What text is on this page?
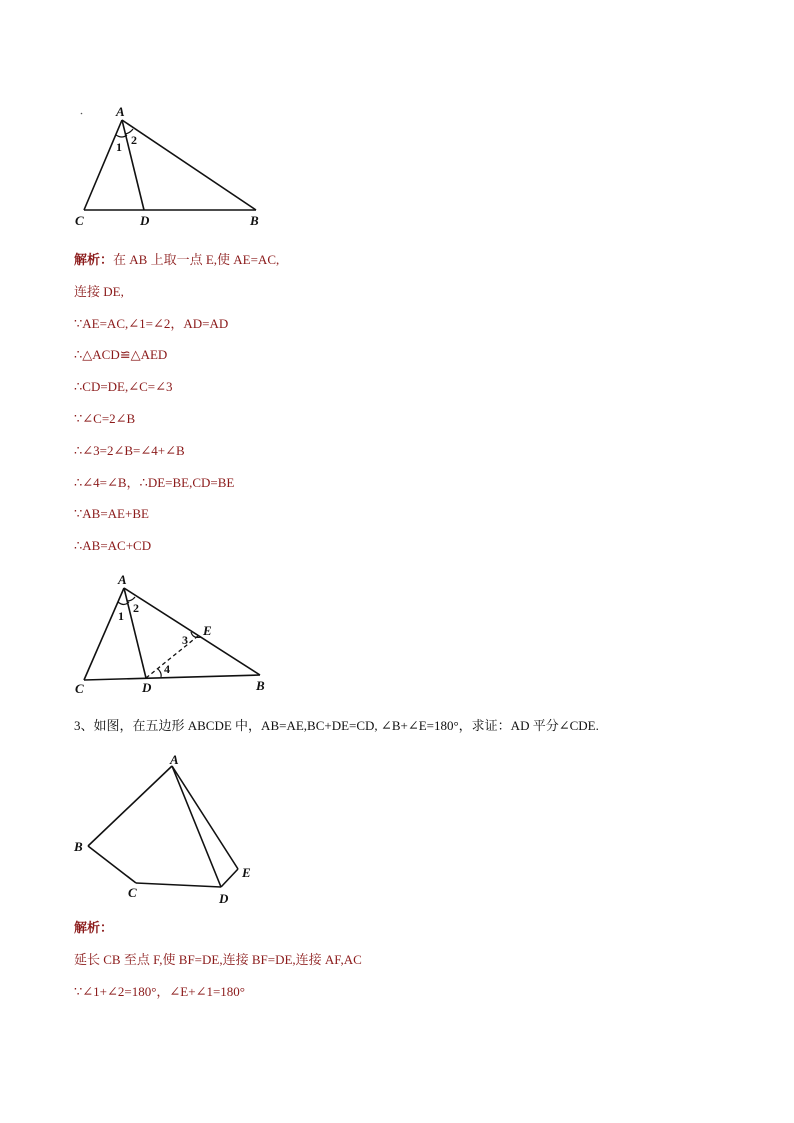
A
C	D	B
1 2
解析：在 AB 上取一点 E,使 AE=AC,
连接 DE,
∵AE=AC,∠1=∠2，AD=AD
∴△ACD≌△AED
∴CD=DE,∠C=∠3
∵∠C=2∠B
∴∠3=2∠B=∠4+∠B
∴∠4=∠B，∴DE=BE,CD=BE
∵AB=AE+BE
∴AB=AC+CD
A
C	D	B
E
1
2
3
4
3、如图，在五边形 ABCDE 中，AB=AE,BC+DE=CD, ∠B+∠E=180°，求证：AD 平分∠CDE.
A
B
C	D
E
解析：
延长 CB 至点 F,使 BF=DE,连接 BF=DE,连接 AF,AC
∵∠1+∠2=180°，∠E+∠1=180°
